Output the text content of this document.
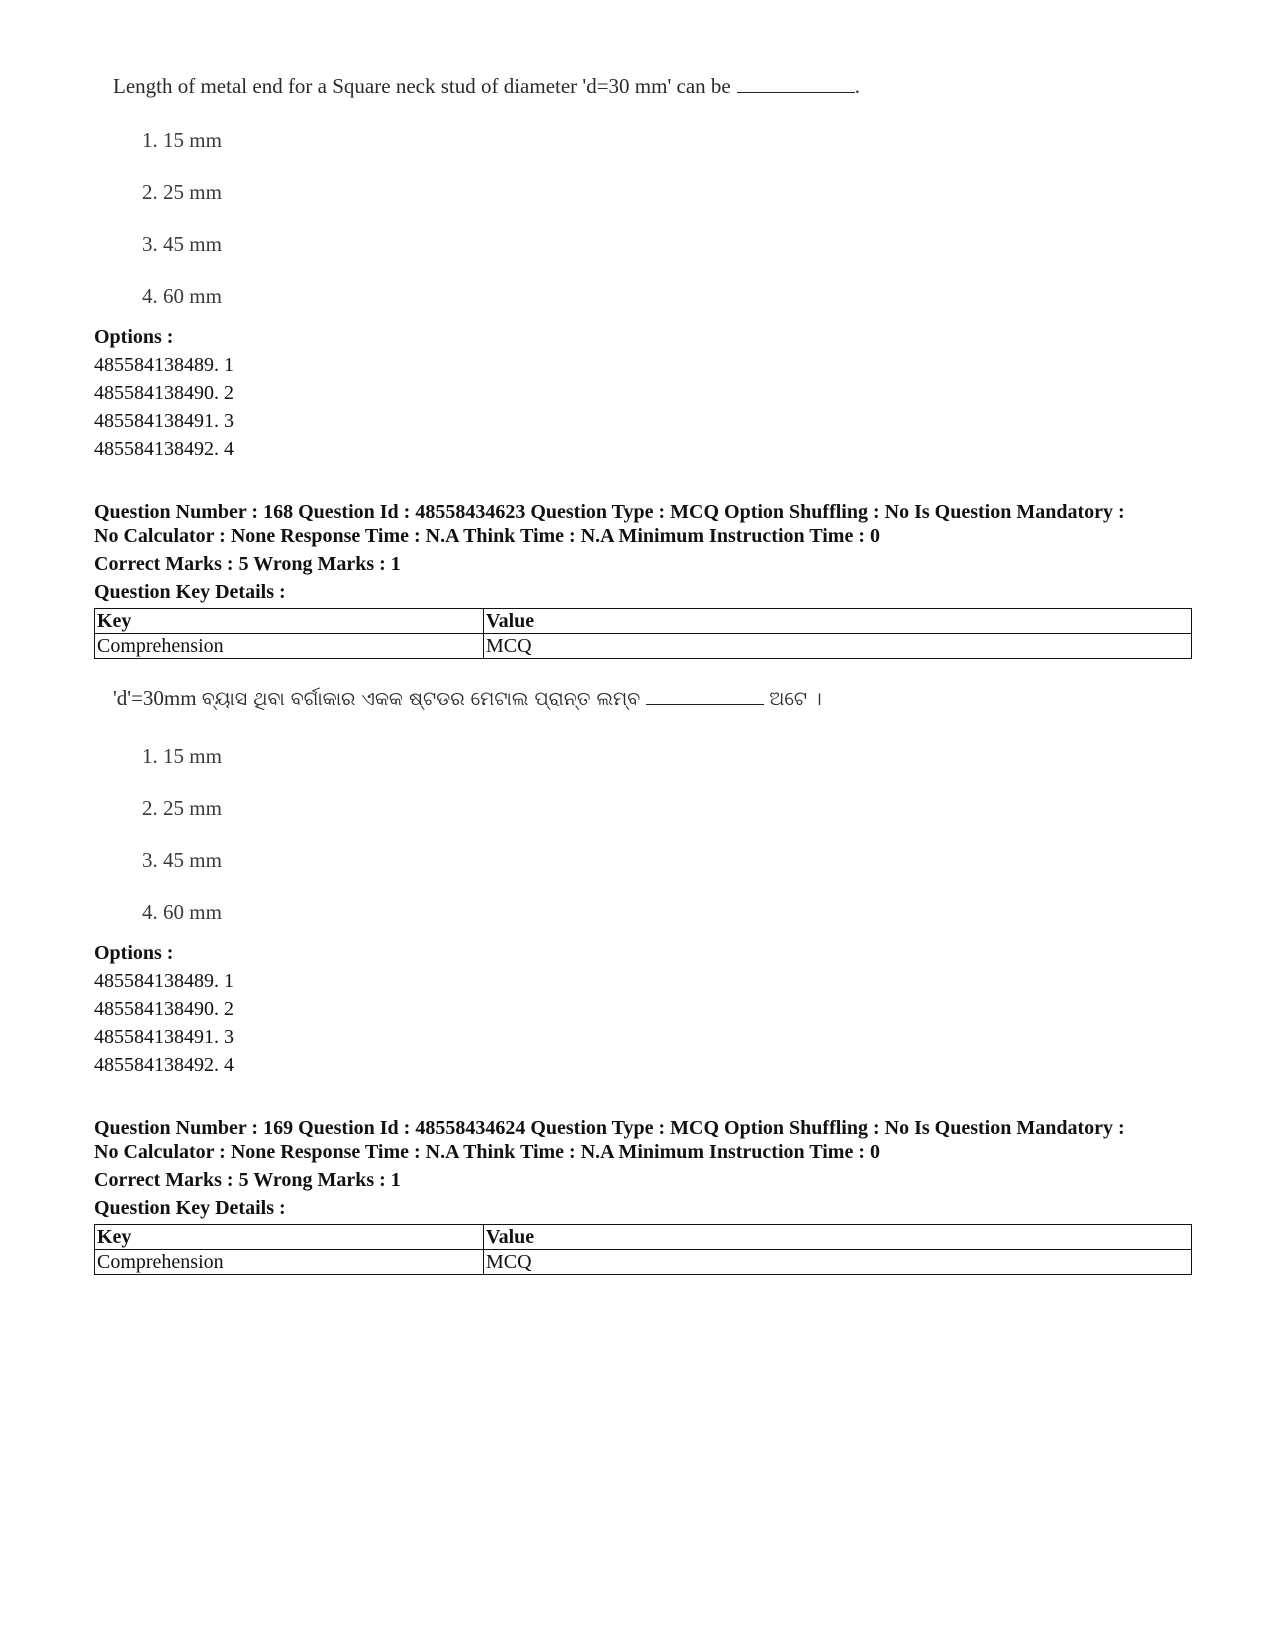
Length of metal end for a Square neck stud of diameter 'd=30 mm' can be	.
1. 15 mm
2. 25 mm
3. 45 mm
4. 60 mm
Options :
485584138489. 1
485584138490. 2
485584138491. 3
485584138492. 4
Question Number : 168 Question Id : 48558434623 Question Type : MCQ Option Shuffling : No Is Question Mandatory :
No Calculator : None Response Time : N.A Think Time : N.A Minimum Instruction Time : 0
Correct Marks : 5 Wrong Marks : 1
Question Key Details :
Key	Value
Comprehension	MCQ
'd'=30mm ବ୍ୟାସ ଥିବା ବର୍ଗାକାର ଏକକ ଷ୍ଟଡର ମେଟାଲ ପ୍ରାନ୍ତ ଲମ୍ବ	ଅଟେ ।
1. 15 mm
2. 25 mm
3. 45 mm
4. 60 mm
Options :
485584138489. 1
485584138490. 2
485584138491. 3
485584138492. 4
Question Number : 169 Question Id : 48558434624 Question Type : MCQ Option Shuffling : No Is Question Mandatory :
No Calculator : None Response Time : N.A Think Time : N.A Minimum Instruction Time : 0
Correct Marks : 5 Wrong Marks : 1
Question Key Details :
Key	Value
Comprehension	MCQ
